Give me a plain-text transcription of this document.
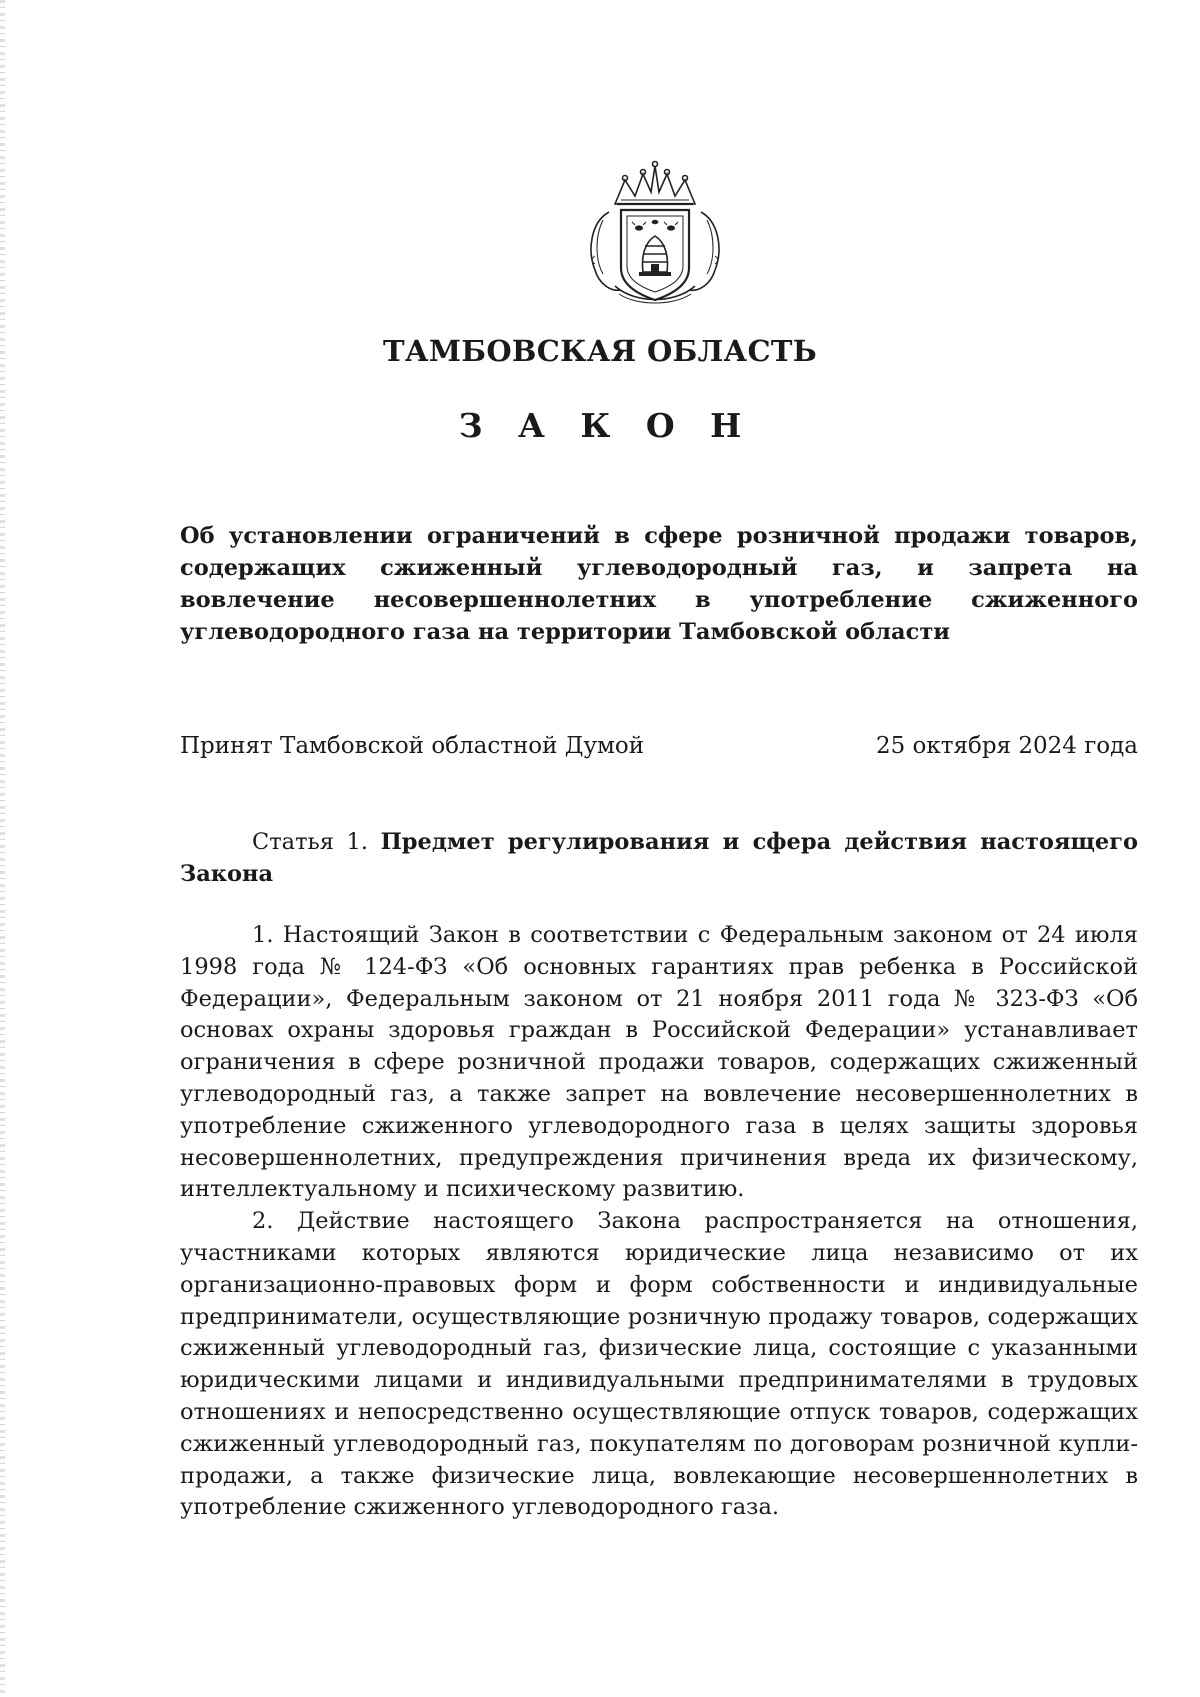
ТАМБОВСКАЯ ОБЛАСТЬ
З А К О Н
Об установлении ограничений в сфере розничной продажи товаров, содержащих сжиженный углеводородный газ, и запрета на вовлечение несовершеннолетних в употребление сжиженного углеводородного газа на территории Тамбовской области
Принят Тамбовской областной Думой	25 октября 2024 года
Статья 1. Предмет регулирования и сфера действия настоящего Закона

1. Настоящий Закон в соответствии с Федеральным законом от 24 июля 1998 года № 124-ФЗ «Об основных гарантиях прав ребенка в Российской Федерации», Федеральным законом от 21 ноября 2011 года № 323-ФЗ «Об основах охраны здоровья граждан в Российской Федерации» устанавливает ограничения в сфере розничной продажи товаров, содержащих сжиженный углеводородный газ, а также запрет на вовлечение несовершеннолетних в употребление сжиженного углеводородного газа в целях защиты здоровья несовершеннолетних, предупреждения причинения вреда их физическому, интеллектуальному и психическому развитию.

2. Действие настоящего Закона распространяется на отношения, участниками которых являются юридические лица независимо от их организационно-правовых форм и форм собственности и индивидуальные предприниматели, осуществляющие розничную продажу товаров, содержащих сжиженный углеводородный газ, физические лица, состоящие с указанными юридическими лицами и индивидуальными предпринимателями в трудовых отношениях и непосредственно осуществляющие отпуск товаров, содержащих сжиженный углеводородный газ, покупателям по договорам розничной купли-продажи, а также физические лица, вовлекающие несовершеннолетних в употребление сжиженного углеводородного газа.
